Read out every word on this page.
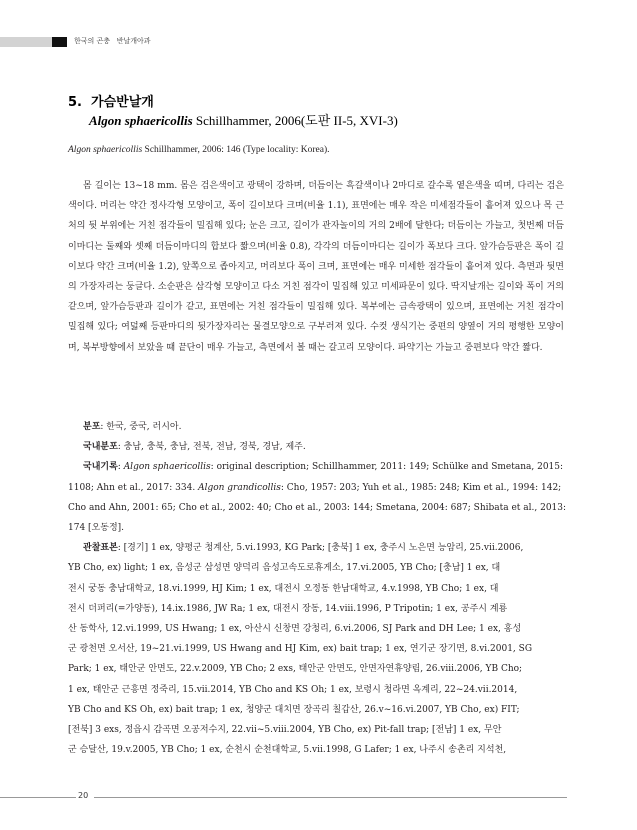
한국의 곤충   반날개아과
5. 가슴반날개
Algon sphaericollis Schillhammer, 2006(도판 II-5, XVI-3)
Algon sphaericollis Schillhammer, 2006: 146 (Type locality: Korea).

몸 길이는 13~18 mm. 몸은 검은색이고 광택이 강하며, 더듬이는 흑갈색이나 2마디로 갈수록 옅은색을 띠며, 다리는 검은색이다. 머리는 약간 정사각형 모양이고, 폭이 길이보다 크며(비율 1.1), 표면에는 매우 작은 미세점각들이 흩어져 있으나 목 근처의 뒷 부위에는 거친 점각들이 밀집해 있다; 눈은 크고, 길이가 관자놀이의 거의 2배에 달한다; 더듬이는 가늘고, 첫번째 더듬이마디는 둘째와 셋째 더듬이마디의 합보다 짧으며(비율 0.8), 각각의 더듬이마디는 길이가 폭보다 크다. 앞가슴등판은 폭이 길이보다 약간 크며(비율 1.2), 앞쪽으로 좁아지고, 머리보다 폭이 크며, 표면에는 매우 미세한 점각들이 흩어져 있다. 측면과 뒷면의 가장자리는 둥글다. 소순판은 삼각형 모양이고 다소 거친 점각이 밀집해 있고 미세파문이 있다. 딱지날개는 길이와 폭이 거의 같으며, 앞가슴등판과 길이가 같고, 표면에는 거친 점각들이 밀집해 있다. 복부에는 금속광택이 있으며, 표면에는 거친 점각이 밀집해 있다; 여덟째 등판마디의 뒷가장자리는 물결모양으로 구부러져 있다. 수컷 생식기는 중편의 양옆이 거의 평행한 모양이며, 복부방향에서 보았을 때 끝단이 매우 가늘고, 측면에서 볼 때는 갈고리 모양이다. 파약기는 가늘고 중편보다 약간 짧다.

분포: 한국, 중국, 러시아.
국내분포: 충남, 충북, 충남, 전북, 전남, 경북, 경남, 제주.
국내기록: Algon sphaericollis: original description; Schillhammer, 2011: 149; Schülke and Smetana, 2015:
1108; Ahn et al., 2017: 334. Algon grandicollis: Cho, 1957: 203; Yuh et al., 1985: 248; Kim et al., 1994: 142;
Cho and Ahn, 2001: 65; Cho et al., 2002: 40; Cho et al., 2003: 144; Smetana, 2004: 687; Shibata et al., 2013:
174 [오동정].
관찰표본: [경기] 1 ex, 양평군 청계산, 5.vi.1993, KG Park; [충북] 1 ex, 충주시 노은면 능암리, 25.vii.2006,
YB Cho, ex) light; 1 ex, 음성군 삼성면 양덕리 음성고속도로휴게소, 17.vi.2005, YB Cho; [충남] 1 ex, 대
전시 궁동 충남대학교, 18.vi.1999, HJ Kim; 1 ex, 대전시 오정동 한남대학교, 4.v.1998, YB Cho; 1 ex, 대
전시 더퍼리(=가양동), 14.ix.1986, JW Ra; 1 ex, 대전시 장동, 14.viii.1996, P Tripotin; 1 ex, 공주시 계룡
산 동학사, 12.vi.1999, US Hwang; 1 ex, 아산시 신창면 강청리, 6.vi.2006, SJ Park and DH Lee; 1 ex, 홍성
군 광천면 오서산, 19~21.vi.1999, US Hwang and HJ Kim, ex) bait trap; 1 ex, 연기군 장기면, 8.vi.2001, SG
Park; 1 ex, 태안군 안면도, 22.v.2009, YB Cho; 2 exs, 태안군 안면도, 안면자연휴양림, 26.viii.2006, YB Cho;
1 ex, 태안군 근흥면 정죽리, 15.vii.2014, YB Cho and KS Oh; 1 ex, 보령시 청라면 옥계리, 22~24.vii.2014,
YB Cho and KS Oh, ex) bait trap; 1 ex, 청양군 대치면 장곡리 칠갑산, 26.v~16.vi.2007, YB Cho, ex) FIT;
[전북] 3 exs, 정읍시 감곡면 오공저수지, 22.vii~5.viii.2004, YB Cho, ex) Pit-fall trap; [전남] 1 ex, 무안
군 승달산, 19.v.2005, YB Cho; 1 ex, 순천시 순천대학교, 5.vii.1998, G Lafer; 1 ex, 나주시 송촌리 지석천,
20
